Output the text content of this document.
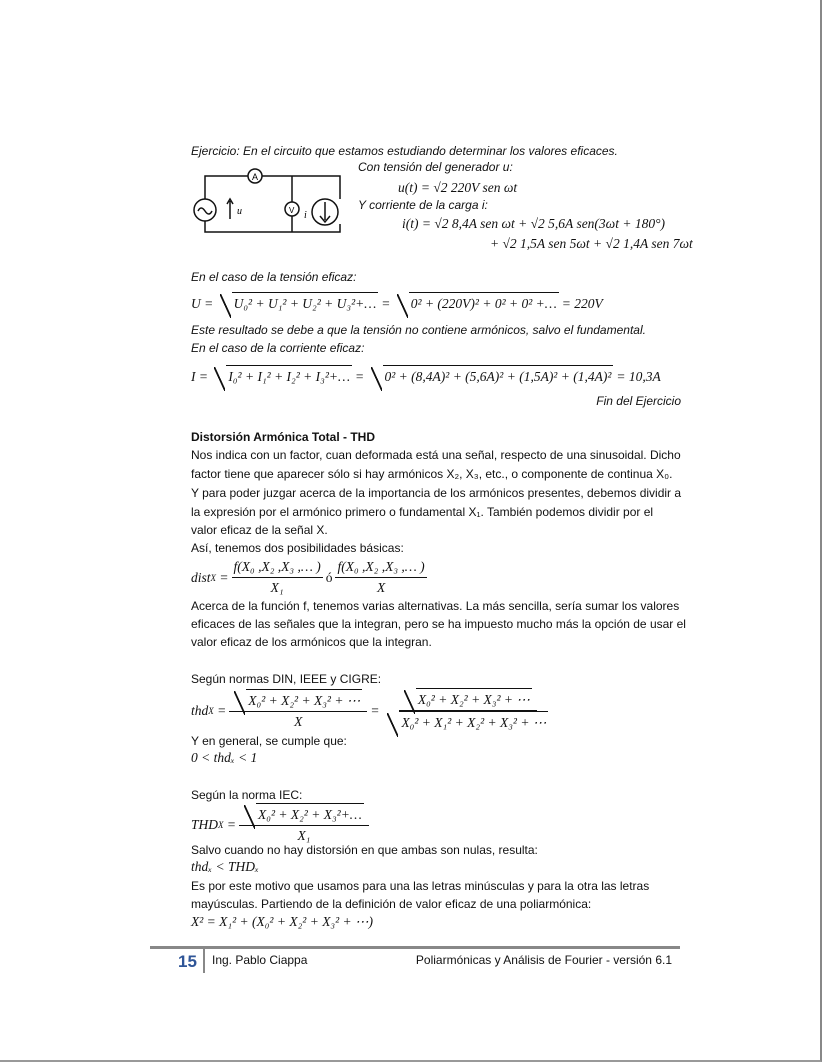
Ejercicio: En el circuito que estamos estudiando determinar los valores eficaces.
A
V
u	i
Con tensión del generador u:
u(t) = √2 220V sen ωt
Y corriente de la carga i:
i(t) = √2 8,4A sen ωt + √2 5,6A sen(3ωt + 180°)
+ √2 1,5A sen 5ωt + √2 1,4A sen 7ωt
En el caso de la tensión eficaz:
U = U₀² + U₁² + U₂² + U₃²+… = 0² + (220V)² + 0² + 0² +… = 220V
Este resultado se debe a que la tensión no contiene armónicos, salvo el fundamental.
En el caso de la corriente eficaz:
I = I₀² + I₁² + I₂² + I₃²+… = 0² + (8,4A)² + (5,6A)² + (1,5A)² + (1,4A)² = 10,3A
Fin del Ejercicio
Distorsión Armónica Total - THD
Nos indica con un factor, cuan deformada está una señal, respecto de una sinusoidal. Dicho
factor tiene que aparecer sólo si hay armónicos X₂, X₃, etc., o componente de continua X₀.
Y para poder juzgar acerca de la importancia de los armónicos presentes, debemos dividir a
la expresión por el armónico primero o fundamental X₁. También podemos dividir por el
valor eficaz de la señal X.
Así, tenemos dos posibilidades básicas:
dist X
= $\frac{\text{f(X₀ ,X₂ ,X₃ ,… )}}{\text{X₁}}$ ó $\frac{\text{f(X₀ ,X₂ ,X₃ ,… )}}{X}$
Acerca de la función f, tenemos varias alternativas. La más sencilla, sería sumar los valores
eficaces de las señales que la integran, pero se ha impuesto mucho más la opción de usar el
valor eficaz de los armónicos que la integran.
Según normas DIN, IEEE y CIGRE:
thd X
= $\frac{\text{X₀² + X₂² + X₃² + ⋯}}{X} = \frac{\text{X₀² + X₂² + X₃² + ⋯}}{\text{X₀² + X₁² + X₂² + X₃² + ⋯}}$
Y en general, se cumple que:
0 < thdₓ < 1
Según la norma IEC:
THD X
= $\frac{\text{X₀² + X₂² + X₃²+…}}{\text{X₁}}$
Salvo cuando no hay distorsión en que ambas son nulas, resulta:
thdₓ < THDₓ
Es por este motivo que usamos para una las letras minúsculas y para la otra las letras
mayúsculas. Partiendo de la definición de valor eficaz de una poliarmónica:
X² = X₁² + (X₀² + X₂² + X₃² + ⋯)
15 Ing. Pablo Ciappa	Poliarmónicas y Análisis de Fourier - versión 6.1
